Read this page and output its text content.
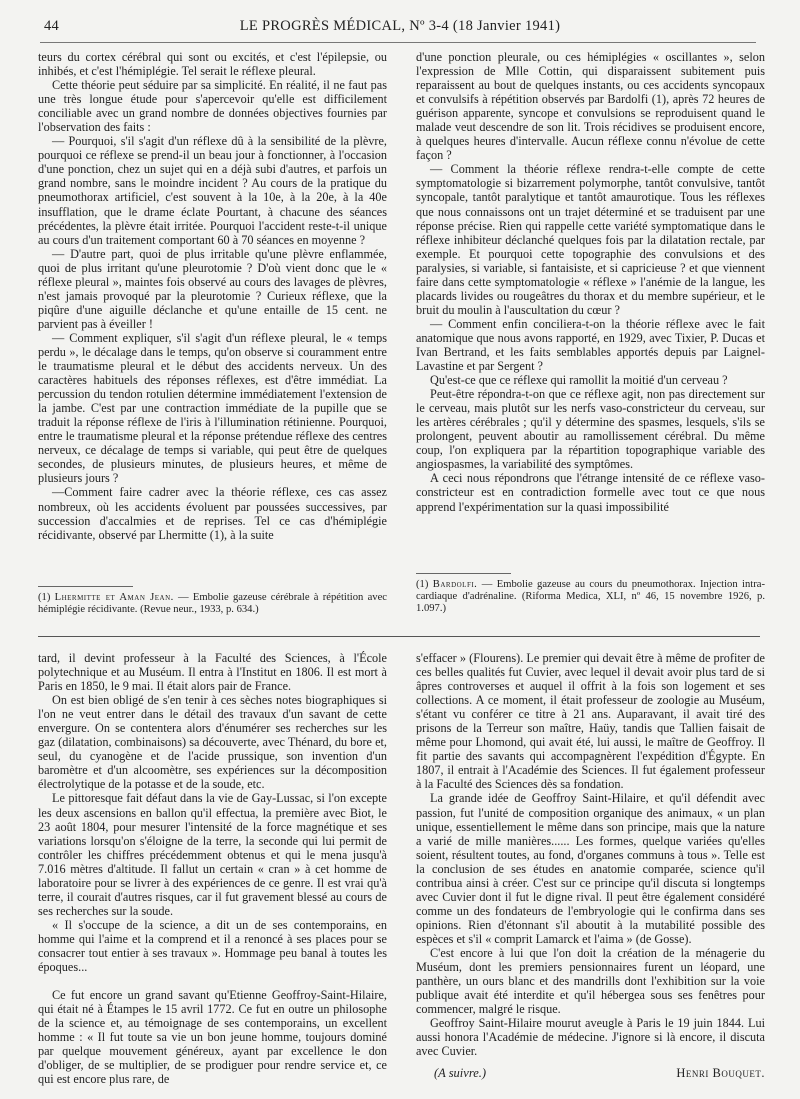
44	LE PROGRÈS MÉDICAL, Nº 3-4 (18 Janvier 1941)

teurs du cortex cérébral qui sont ou excités, et c'est l'épilepsie, ou inhibés, et c'est l'hémiplégie. Tel serait le réflexe pleural.

Cette théorie peut séduire par sa simplicité. En réalité, il ne faut pas une très longue étude pour s'apercevoir qu'elle est difficilement conciliable avec un grand nombre de données objectives fournies par l'observation des faits :

— Pourquoi, s'il s'agit d'un réflexe dû à la sensibilité de la plèvre, pourquoi ce réflexe se prend-il un beau jour à fonctionner, à l'occasion d'une ponction, chez un sujet qui en a déjà subi d'autres, et parfois un grand nombre, sans le moindre incident ? Au cours de la pratique du pneumothorax artificiel, c'est souvent à la 10e, à la 20e, à la 40e insufflation, que le drame éclate Pourtant, à chacune des séances précédentes, la plèvre était irritée. Pourquoi l'accident reste-t-il unique au cours d'un traitement comportant 60 à 70 séances en moyenne ?

— D'autre part, quoi de plus irritable qu'une plèvre enflammée, quoi de plus irritant qu'une pleurotomie ? D'où vient donc que le « réflexe pleural », maintes fois observé au cours des lavages de plèvres, n'est jamais provoqué par la pleurotomie ? Curieux réflexe, que la piqûre d'une aiguille déclanche et qu'une entaille de 15 cent. ne parvient pas à éveiller !

— Comment expliquer, s'il s'agit d'un réflexe pleural, le « temps perdu », le décalage dans le temps, qu'on observe si couramment entre le traumatisme pleural et le début des accidents nerveux. Un des caractères habituels des réponses réflexes, est d'être immédiat. La percussion du tendon rotulien détermine immédiatement l'extension de la jambe. C'est par une contraction immédiate de la pupille que se traduit la réponse réflexe de l'iris à l'illumination rétinienne. Pourquoi, entre le traumatisme pleural et la réponse prétendue réflexe des centres nerveux, ce décalage de temps si variable, qui peut être de quelques secondes, de plusieurs minutes, de plusieurs heures, et même de plusieurs jours ?

—Comment faire cadrer avec la théorie réflexe, ces cas assez nombreux, où les accidents évoluent par poussées successives, par succession d'accalmies et de reprises. Tel ce cas d'hémiplégie récidivante, observé par Lhermitte (1), à la suite

(1) Lhermitte et Aman Jean. — Embolie gazeuse cérébrale à répétition avec hémiplégie récidivante. (Revue neur., 1933, p. 634.)

d'une ponction pleurale, ou ces hémiplégies « oscillantes », selon l'expression de Mlle Cottin, qui disparaissent subitement puis reparaissent au bout de quelques instants, ou ces accidents syncopaux et convulsifs à répétition observés par Bardolfi (1), après 72 heures de guérison apparente, syncope et convulsions se reproduisent quand le malade veut descendre de son lit. Trois récidives se produisent encore, à quelques heures d'intervalle. Aucun réflexe connu n'évolue de cette façon ?

— Comment la théorie réflexe rendra-t-elle compte de cette symptomatologie si bizarrement polymorphe, tantôt convulsive, tantôt syncopale, tantôt paralytique et tantôt amaurotique. Tous les réflexes que nous connaissons ont un trajet déterminé et se traduisent par une réponse précise. Rien qui rappelle cette variété symptomatique dans le réflexe inhibiteur déclanché quelques fois par la dilatation rectale, par exemple. Et pourquoi cette topographie des convulsions et des paralysies, si variable, si fantaisiste, et si capricieuse ? et que viennent faire dans cette symptomatologie « réflexe » l'anémie de la langue, les placards livides ou rougeâtres du thorax et du membre supérieur, et le bruit du moulin à l'auscultation du cœur ?

— Comment enfin conciliera-t-on la théorie réflexe avec le fait anatomique que nous avons rapporté, en 1929, avec Tixier, P. Ducas et Ivan Bertrand, et les faits semblables apportés depuis par Laignel-Lavastine et par Sergent ?

Qu'est-ce que ce réflexe qui ramollit la moitié d'un cerveau ?

Peut-être répondra-t-on que ce réflexe agit, non pas directement sur le cerveau, mais plutôt sur les nerfs vaso-constricteur du cerveau, sur les artères cérébrales ; qu'il y détermine des spasmes, lesquels, s'ils se prolongent, peuvent aboutir au ramollissement cérébral. Du même coup, l'on expliquera par la répartition topographique variable des angiospasmes, la variabilité des symptômes.

A ceci nous répondrons que l'étrange intensité de ce réflexe vaso-constricteur est en contradiction formelle avec tout ce que nous apprend l'expérimentation sur la quasi impossibilité

(1) Bardolfi. — Embolie gazeuse au cours du pneumothorax. Injection intra-cardiaque d'adrénaline. (Riforma Medica, XLI, nº 46, 15 novembre 1926, p. 1.097.)

tard, il devint professeur à la Faculté des Sciences, à l'École polytechnique et au Muséum. Il entra à l'Institut en 1806. Il est mort à Paris en 1850, le 9 mai. Il était alors pair de France.

On est bien obligé de s'en tenir à ces sèches notes biographiques si l'on ne veut entrer dans le détail des travaux d'un savant de cette envergure. On se contentera alors d'énumérer ses recherches sur les gaz (dilatation, combinaisons) sa découverte, avec Thénard, du bore et, seul, du cyanogène et de l'acide prussique, son invention d'un baromètre et d'un alcoomètre, ses expériences sur la décomposition électrolytique de la potasse et de la soude, etc.

Le pittoresque fait défaut dans la vie de Gay-Lussac, si l'on excepte les deux ascensions en ballon qu'il effectua, la première avec Biot, le 23 août 1804, pour mesurer l'intensité de la force magnétique et ses variations lorsqu'on s'éloigne de la terre, la seconde qui lui permit de contrôler les chiffres précédemment obtenus et qui le mena jusqu'à 7.016 mètres d'altitude. Il fallut un certain « cran » à cet homme de laboratoire pour se livrer à des expériences de ce genre. Il est vrai qu'à terre, il courait d'autres risques, car il fut gravement blessé au cours de ses recherches sur la soude.

« Il s'occupe de la science, a dit un de ses contemporains, en homme qui l'aime et la comprend et il a renoncé à ses places pour se consacrer tout entier à ses travaux ». Hommage peu banal à toutes les époques...

Ce fut encore un grand savant qu'Etienne Geoffroy-Saint-Hilaire, qui était né à Étampes le 15 avril 1772. Ce fut en outre un philosophe de la science et, au témoignage de ses contemporains, un excellent homme : « Il fut toute sa vie un bon jeune homme, toujours dominé par quelque mouvement généreux, ayant par excellence le don d'obliger, de se multiplier, de se prodiguer pour rendre service et, ce qui est encore plus rare, de

s'effacer » (Flourens). Le premier qui devait être à même de profiter de ces belles qualités fut Cuvier, avec lequel il devait avoir plus tard de si âpres controverses et auquel il offrit à la fois son logement et ses collections. A ce moment, il était professeur de zoologie au Muséum, s'étant vu conférer ce titre à 21 ans. Auparavant, il avait tiré des prisons de la Terreur son maître, Haüy, tandis que Tallien faisait de même pour Lhomond, qui avait été, lui aussi, le maître de Geoffroy. Il fit partie des savants qui accompagnèrent l'expédition d'Égypte. En 1807, il entrait à l'Académie des Sciences. Il fut également professeur à la Faculté des Sciences dès sa fondation.

La grande idée de Geoffroy Saint-Hilaire, et qu'il défendit avec passion, fut l'unité de composition organique des animaux, « un plan unique, essentiellement le même dans son principe, mais que la nature a varié de mille manières...... Les formes, quelque variées qu'elles soient, résultent toutes, au fond, d'organes communs à tous ». Telle est la conclusion de ses études en anatomie comparée, science qu'il contribua ainsi à créer. C'est sur ce principe qu'il discuta si longtemps avec Cuvier dont il fut le digne rival. Il peut être également considéré comme un des fondateurs de l'embryologie qui le confirma dans ses opinions. Rien d'étonnant s'il aboutit à la mutabilité possible des espèces et s'il « comprit Lamarck et l'aima » (de Gosse).

C'est encore à lui que l'on doit la création de la ménagerie du Muséum, dont les premiers pensionnaires furent un léopard, une panthère, un ours blanc et des mandrills dont l'exhibition sur la voie publique avait été interdite et qu'il hébergea sous ses fenêtres pour commencer, malgré le risque.

Geoffroy Saint-Hilaire mourut aveugle à Paris le 19 juin 1844. Lui aussi honora l'Académie de médecine. J'ignore si là encore, il discuta avec Cuvier.

(A suivre.)	Henri Bouquet.
